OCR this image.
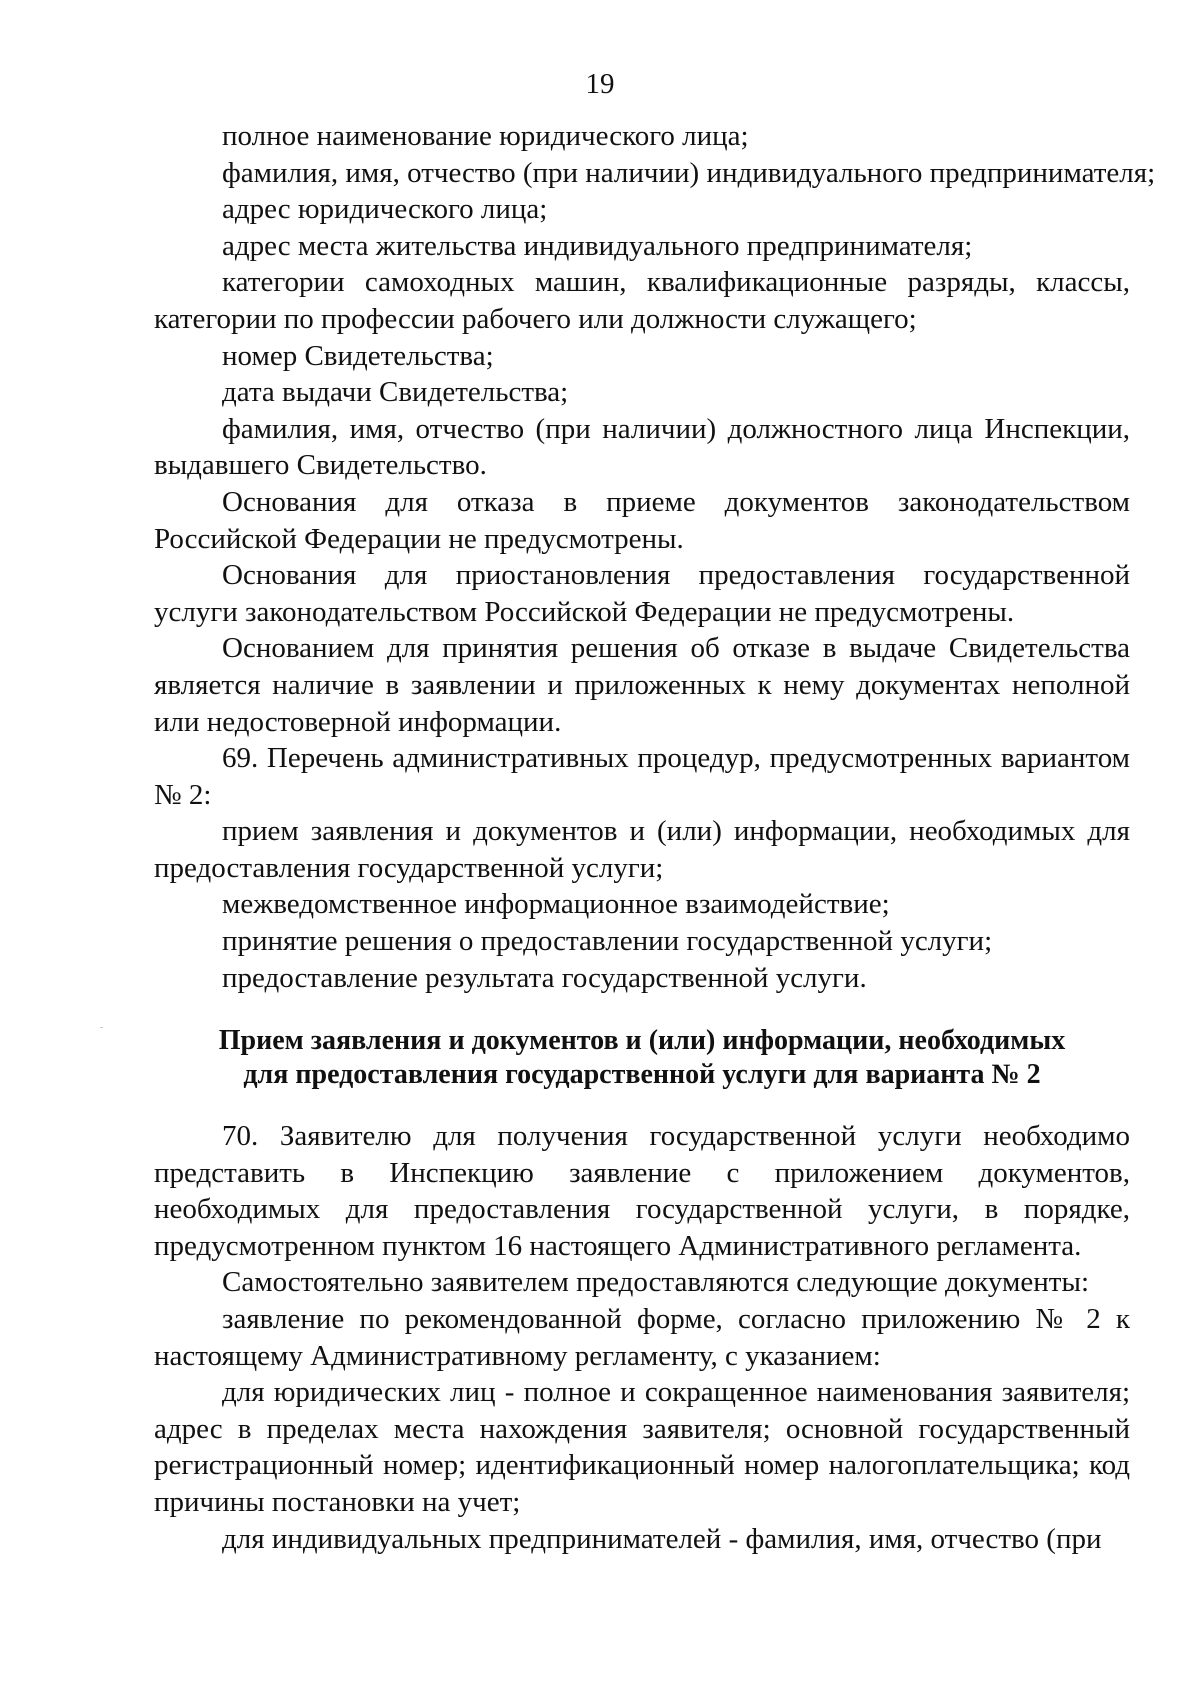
19

полное наименование юридического лица;

фамилия, имя, отчество (при наличии) индивидуального предпринимателя;

адрес юридического лица;

адрес места жительства индивидуального предпринимателя;

категории самоходных машин, квалификационные разряды, классы, категории по профессии рабочего или должности служащего;

номер Свидетельства;

дата выдачи Свидетельства;

фамилия, имя, отчество (при наличии) должностного лица Инспекции, выдавшего Свидетельство.

Основания для отказа в приеме документов законодательством Российской Федерации не предусмотрены.

Основания для приостановления предоставления государственной услуги законодательством Российской Федерации не предусмотрены.

Основанием для принятия решения об отказе в выдаче Свидетельства является наличие в заявлении и приложенных к нему документах неполной или недостоверной информации.

69. Перечень административных процедур, предусмотренных вариантом № 2:

прием заявления и документов и (или) информации, необходимых для предоставления государственной услуги;

межведомственное информационное взаимодействие;

принятие решения о предоставлении государственной услуги;

предоставление результата государственной услуги.

Прием заявления и документов и (или) информации, необходимых
для предоставления государственной услуги для варианта № 2

70. Заявителю для получения государственной услуги необходимо представить в Инспекцию заявление с приложением документов, необходимых для предоставления государственной услуги, в порядке, предусмотренном пунктом 16 настоящего Административного регламента.

Самостоятельно заявителем предоставляются следующие документы:

заявление по рекомендованной форме, согласно приложению № 2 к настоящему Административному регламенту, с указанием:

для юридических лиц - полное и сокращенное наименования заявителя; адрес в пределах места нахождения заявителя; основной государственный регистрационный номер; идентификационный номер налогоплательщика; код причины постановки на учет;

для индивидуальных предпринимателей - фамилия, имя, отчество (при
